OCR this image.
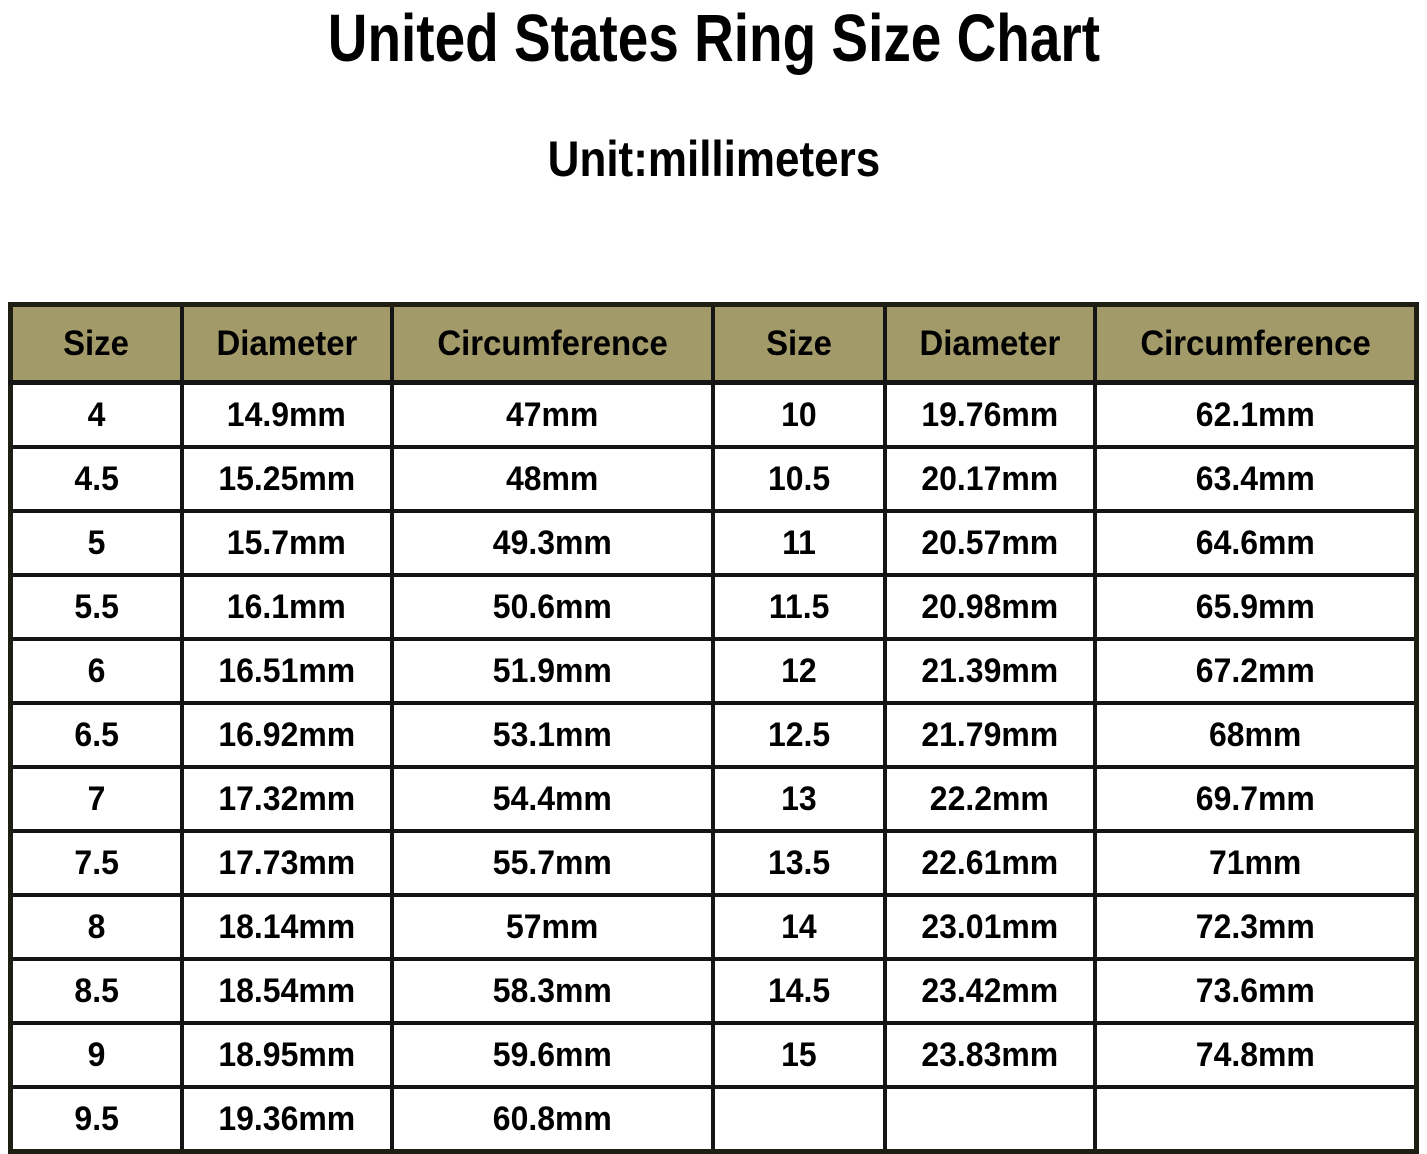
United States Ring Size Chart
Unit:millimeters
Size	Diameter	Circumference	Size	Diameter	Circumference
4	14.9mm	47mm	10	19.76mm	62.1mm
4.5	15.25mm	48mm	10.5	20.17mm	63.4mm
5	15.7mm	49.3mm	11	20.57mm	64.6mm
5.5	16.1mm	50.6mm	11.5	20.98mm	65.9mm
6	16.51mm	51.9mm	12	21.39mm	67.2mm
6.5	16.92mm	53.1mm	12.5	21.79mm	68mm
7	17.32mm	54.4mm	13	22.2mm	69.7mm
7.5	17.73mm	55.7mm	13.5	22.61mm	71mm
8	18.14mm	57mm	14	23.01mm	72.3mm
8.5	18.54mm	58.3mm	14.5	23.42mm	73.6mm
9	18.95mm	59.6mm	15	23.83mm	74.8mm
9.5	19.36mm	60.8mm			
